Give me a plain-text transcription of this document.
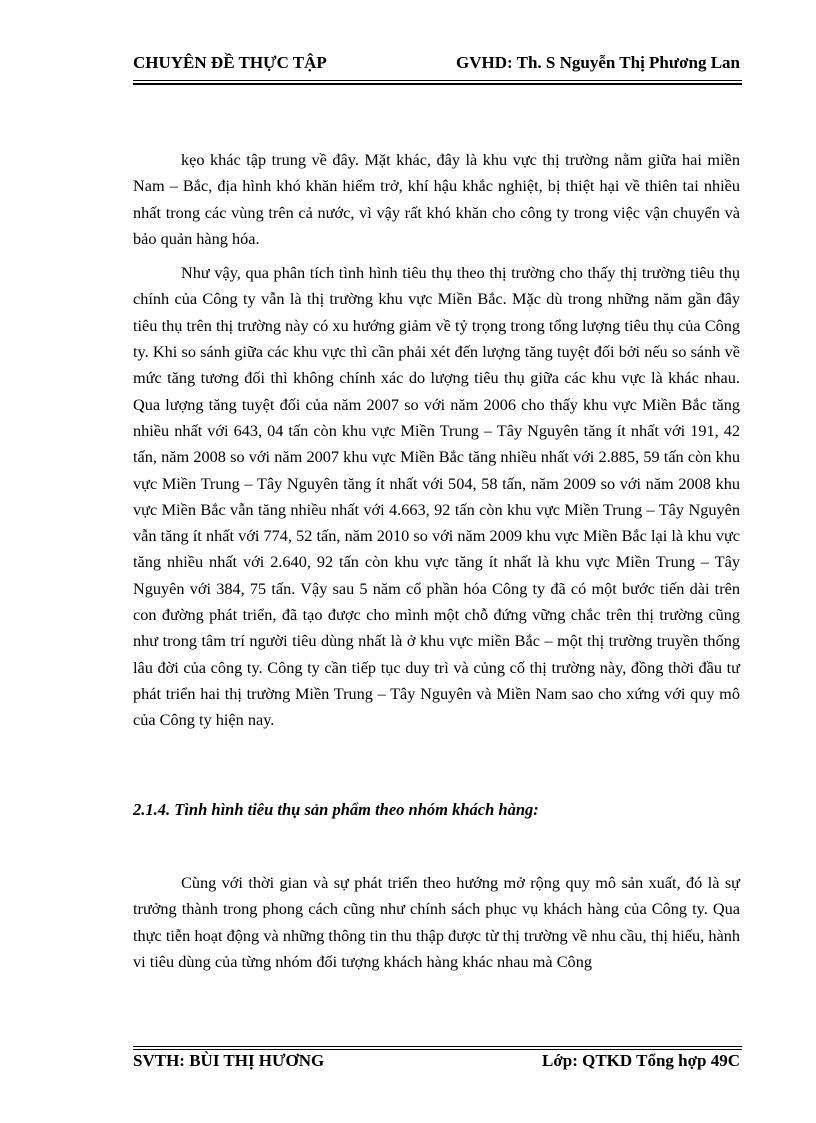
CHUYÊN ĐỀ THỰC TẬP	GVHD: Th. S Nguyễn Thị Phương Lan

kẹo khác tập trung về đây. Mặt khác, đây là khu vực thị trường nằm giữa hai miền Nam – Bắc, địa hình khó khăn hiểm trở, khí hậu khắc nghiệt, bị thiệt hại về thiên tai nhiều nhất trong các vùng trên cả nước, vì vậy rất khó khăn cho công ty trong việc vận chuyển và bảo quản hàng hóa.

Như vậy, qua phân tích tình hình tiêu thụ theo thị trường cho thấy thị trường tiêu thụ chính của Công ty vẫn là thị trường khu vực Miền Bắc. Mặc dù trong những năm gần đây tiêu thụ trên thị trường này có xu hướng giảm về tỷ trọng trong tổng lượng tiêu thụ của Công ty. Khi so sánh giữa các khu vực thì cần phải xét đến lượng tăng tuyệt đối bởi nếu so sánh về mức tăng tương đối thì không chính xác do lượng tiêu thụ giữa các khu vực là khác nhau. Qua lượng tăng tuyệt đối của năm 2007 so với năm 2006 cho thấy khu vực Miền Bắc tăng nhiều nhất với 643, 04 tấn còn khu vực Miền Trung – Tây Nguyên tăng ít nhất với 191, 42 tấn, năm 2008 so với năm 2007 khu vực Miền Bắc tăng nhiều nhất với 2.885, 59 tấn còn khu vực Miền Trung – Tây Nguyên tăng ít nhất với 504, 58 tấn, năm 2009 so với năm 2008 khu vực Miền Bắc vẫn tăng nhiều nhất với 4.663, 92 tấn còn khu vực Miền Trung – Tây Nguyên vẫn tăng ít nhất với 774, 52 tấn, năm 2010 so với năm 2009 khu vực Miền Bắc lại là khu vực tăng nhiều nhất với 2.640, 92 tấn còn khu vực tăng ít nhất là khu vực Miền Trung – Tây Nguyên với 384, 75 tấn. Vậy sau 5 năm cổ phần hóa Công ty đã có một bước tiến dài trên con đường phát triển, đã tạo được cho mình một chỗ đứng vững chắc trên thị trường cũng như trong tâm trí người tiêu dùng nhất là ở khu vực miền Bắc – một thị trường truyền thống lâu đời của công ty. Công ty cần tiếp tục duy trì và củng cố thị trường này, đồng thời đầu tư phát triển hai thị trường Miền Trung – Tây Nguyên và Miền Nam sao cho xứng với quy mô của Công ty hiện nay.

2.1.4. Tình hình tiêu thụ sản phẩm theo nhóm khách hàng:

Cùng với thời gian và sự phát triển theo hướng mở rộng quy mô sản xuất, đó là sự trưởng thành trong phong cách cũng như chính sách phục vụ khách hàng của Công ty. Qua thực tiễn hoạt động và những thông tin thu thập được từ thị trường về nhu cầu, thị hiếu, hành vi tiêu dùng của từng nhóm đối tượng khách hàng khác nhau mà Công

SVTH: BÙI THỊ HƯƠNG	Lớp: QTKD Tổng hợp 49C
